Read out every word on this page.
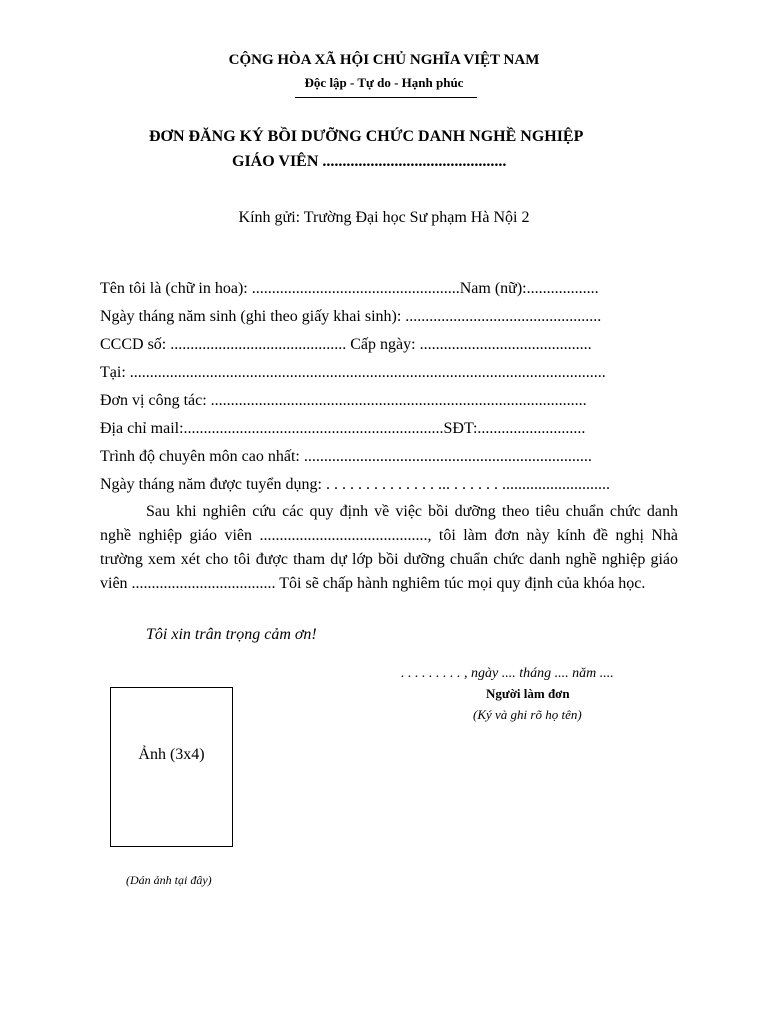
CỘNG HÒA XÃ HỘI CHỦ NGHĨA VIỆT NAM
Độc lập - Tự do - Hạnh phúc
ĐƠN ĐĂNG KÝ BỒI DƯỠNG CHỨC DANH NGHỀ NGHIỆP
GIÁO VIÊN ..............................................
Kính gửi: Trường Đại học Sư phạm Hà Nội 2
Tên tôi là (chữ in hoa): ....................................................Nam (nữ):..................
Ngày tháng năm sinh (ghi theo giấy khai sinh): .................................................
CCCD số: ............................................ Cấp ngày: ...........................................
Tại: .......................................................................................................................
Đơn vị công tác: ..............................................................................................
Địa chỉ mail:.................................................................SĐT:...........................
Trình độ chuyên môn cao nhất: ........................................................................
Ngày tháng năm được tuyển dụng: . . . . . . . . . . . . . . ... . . . . . . ...........................
Sau khi nghiên cứu các quy định về việc bồi dưỡng theo tiêu chuẩn chức danh nghề nghiệp giáo viên .........................................., tôi làm đơn này kính đề nghị Nhà trường xem xét cho tôi được tham dự lớp bồi dưỡng chuẩn chức danh nghề nghiệp giáo viên .................................... Tôi sẽ chấp hành nghiêm túc mọi quy định của khóa học.
Tôi xin trân trọng cảm ơn!
. . . . . . . . . , ngày .... tháng .... năm ....
Người làm đơn
(Ký và ghi rõ họ tên)
Ảnh (3x4)
(Dán ảnh tại đây)
